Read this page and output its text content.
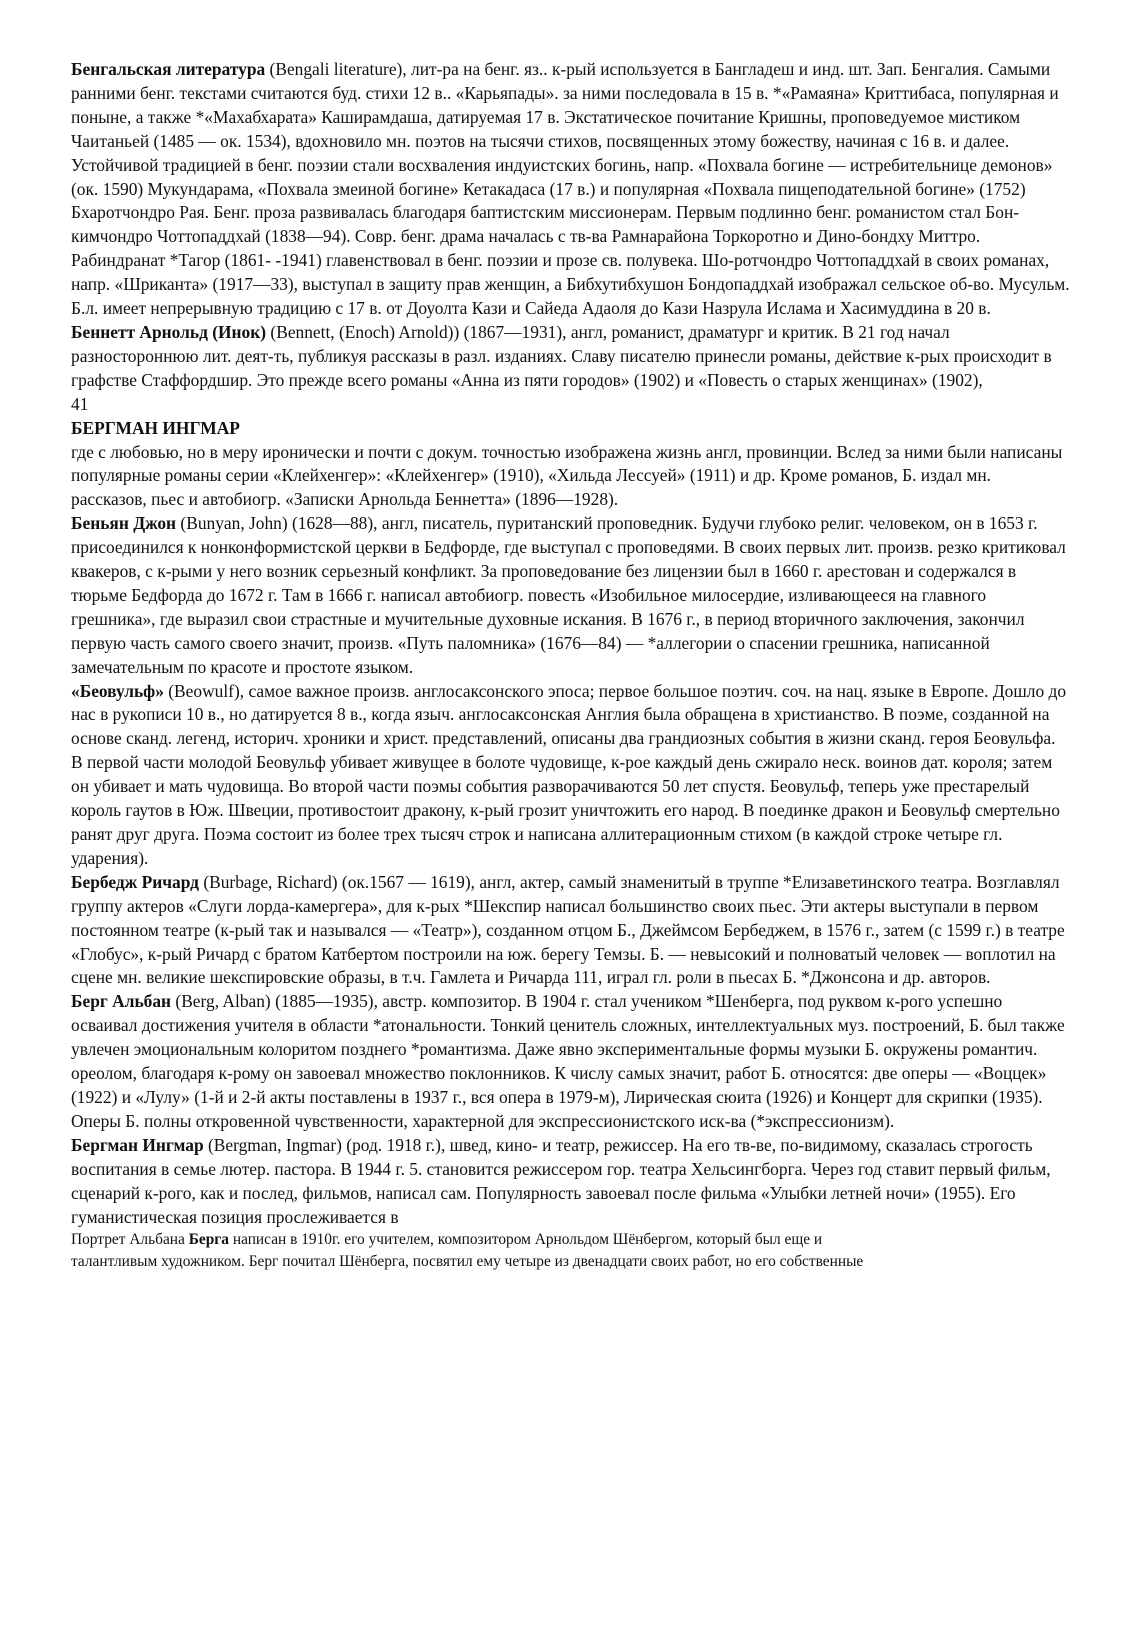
Бенгальская литература (Bengali literature), лит-ра на бенг. яз.. к-рый используется в Бангладеш и инд. шт. Зап. Бенгалия. Самыми ранними бенг. текстами считаются буд. стихи 12 в.. «Карьяпады». за ними последовала в 15 в. *«Рамаяна» Криттибаса, популярная и поныне, а также *«Махабхарата» Каширамдаша, датируемая 17 в. Экстатическое почитание Кришны, проповедуемое мистиком Чаитаньей (1485 — ок. 1534), вдохновило мн. поэтов на тысячи стихов, посвященных этому божеству, начиная с 16 в. и далее. Устойчивой традицией в бенг. поэзии стали восхваления индуистских богинь, напр. «Похвала богине — истребительнице демонов» (ок. 1590) Мукундарама, «Похвала змеиной богине» Кетакадаса (17 в.) и популярная «Похвала пищеподательной богине» (1752) Бхаротчондро Рая. Бенг. проза развивалась благодаря баптистским миссионерам. Первым подлинно бенг. романистом стал Бон-кимчондро Чоттопаддхай (1838—94). Совр. бенг. драма началась с тв-ва Рамнарайона Торкоротно и Дино-бондху Миттро. Рабиндранат *Тагор (1861- -1941) главенствовал в бенг. поэзии и прозе св. полувека. Шо-ротчондро Чоттопаддхай в своих романах, напр. «Шриканта» (1917—33), выступал в защиту прав женщин, а Бибхутибхушон Бондопаддхай изображал сельское об-во. Мусульм. Б.л. имеет непрерывную традицию с 17 в. от Доуолта Кази и Сайеда Адаоля до Кази Назрула Ислама и Хасимуддина в 20 в.

Беннетт Арнольд (Инок) (Bennett, (Enoch) Arnold)) (1867—1931), англ, романист, драматург и критик. В 21 год начал разностороннюю лит. деят-ть, публикуя рассказы в разл. изданиях. Славу писателю принесли романы, действие к-рых происходит в графстве Стаффордшир. Это прежде всего романы «Анна из пяти городов» (1902) и «Повесть о старых женщинах» (1902),

41

БЕРГМАН ИНГМАР

где с любовью, но в меру иронически и почти с докум. точностью изображена жизнь англ, провинции. Вслед за ними были написаны популярные романы серии «Клейхенгер»: «Клейхенгер» (1910), «Хильда Лессуей» (1911) и др. Кроме романов, Б. издал мн. рассказов, пьес и автобиогр. «Записки Арнольда Беннетта» (1896—1928).

Беньян Джон (Bunyan, John) (1628—88), англ, писатель, пуританский проповедник. Будучи глубоко религ. человеком, он в 1653 г. присоединился к нонконформистской церкви в Бедфорде, где выступал с проповедями. В своих первых лит. произв. резко критиковал квакеров, с к-рыми у него возник серьезный конфликт. За проповедование без лицензии был в 1660 г. арестован и содержался в тюрьме Бедфорда до 1672 г. Там в 1666 г. написал автобиогр. повесть «Изобильное милосердие, изливающееся на главного грешника», где выразил свои страстные и мучительные духовные искания. В 1676 г., в период вторичного заключения, закончил первую часть самого своего значит, произв. «Путь паломника» (1676—84) — *аллегории о спасении грешника, написанной замечательным по красоте и простоте языком.

«Беовульф» (Beowulf), самое важное произв. англосаксонского эпоса; первое большое поэтич. соч. на нац. языке в Европе. Дошло до нас в рукописи 10 в., но датируется 8 в., когда языч. англосаксонская Англия была обращена в христианство. В поэме, созданной на основе сканд. легенд, историч. хроники и христ. представлений, описаны два грандиозных события в жизни сканд. героя Беовульфа. В первой части молодой Беовульф убивает живущее в болоте чудовище, к-рое каждый день сжирало неск. воинов дат. короля; затем он убивает и мать чудовища. Во второй части поэмы события разворачиваются 50 лет спустя. Беовульф, теперь уже престарелый король гаутов в Юж. Швеции, противостоит дракону, к-рый грозит уничтожить его народ. В поединке дракон и Беовульф смертельно ранят друг друга. Поэма состоит из более трех тысяч строк и написана аллитерационным стихом (в каждой строке четыре гл. ударения).

Бербедж Ричард (Burbage, Richard) (ок.1567 — 1619), англ, актер, самый знаменитый в труппе *Елизаветинского театра. Возглавлял группу актеров «Слуги лорда-камергера», для к-рых *Шекспир написал большинство своих пьес. Эти актеры выступали в первом постоянном театре (к-рый так и назывался — «Театр»), созданном отцом Б., Джеймсом Бербеджем, в 1576 г., затем (с 1599 г.) в театре «Глобус», к-рый Ричард с братом Катбертом построили на юж. берегу Темзы. Б. — невысокий и полноватый человек — воплотил на сцене мн. великие шекспировские образы, в т.ч. Гамлета и Ричарда 111, играл гл. роли в пьесах Б. *Джонсона и др. авторов.

Берг Альбан (Berg, Alban) (1885—1935), австр. композитор. В 1904 г. стал учеником *Шенберга, под руквом к-рого успешно осваивал достижения учителя в области *атональности. Тонкий ценитель сложных, интеллектуальных муз. построений, Б. был также увлечен эмоциональным колоритом позднего *романтизма. Даже явно экспериментальные формы музыки Б. окружены романтич. ореолом, благодаря к-рому он завоевал множество поклонников. К числу самых значит, работ Б. относятся: две оперы — «Воццек» (1922) и «Лулу» (1-й и 2-й акты поставлены в 1937 г., вся опера в 1979-м), Лирическая сюита (1926) и Концерт для скрипки (1935). Оперы Б. полны откровенной чувственности, характерной для экспрессионистского иск-ва (*экспрессионизм).

Бергман Ингмар (Bergman, Ingmar) (род. 1918 г.), швед, кино- и театр, режиссер. На его тв-ве, по-видимому, сказалась строгость воспитания в семье лютер. пастора. В 1944 г. 5. становится режиссером гор. театра Хельсингборга. Через год ставит первый фильм, сценарий к-рого, как и послед, фильмов, написал сам. Популярность завоевал после фильма «Улыбки летней ночи» (1955). Его гуманистическая позиция прослеживается в

Портрет Альбана Берга написан в 1910г. его учителем, композитором Арнольдом Шёнбергом, который был еще и

талантливым художником. Берг почитал Шёнберга, посвятил ему четыре из двенадцати своих работ, но его собственные
